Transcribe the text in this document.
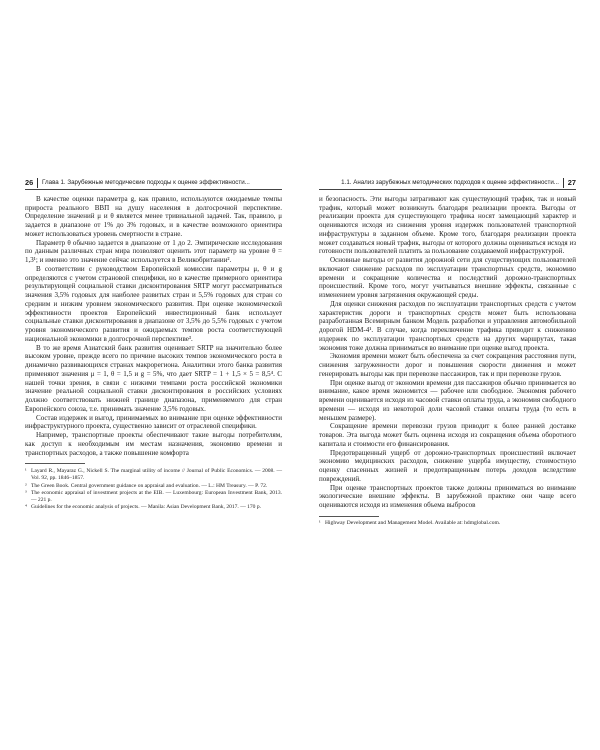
26 Глава 1. Зарубежные методические подходы к оценке эффективности...

В качестве оценки параметра g, как правило, используются ожидаемые темпы прироста реального ВВП на душу населения в долгосрочной перспективе. Определение значений μ и θ является менее тривиальной задачей. Так, правило, μ задается в диапазоне от 1% до 3% годовых, и в качестве возможного ориентира может использоваться уровень смертности в стране.

Параметр θ обычно задается в диапазоне от 1 до 2. Эмпирические исследования по данным различных стран мира позволяют оценить этот параметр на уровне θ = 1,3¹; и именно это значение сейчас используется в Великобритании².

В соответствии с руководством Европейской комиссии параметры μ, θ и g определяются с учетом страновой специфики, но в качестве примерного ориентира результирующей социальной ставки дисконтирования SRTP могут рассматриваться значения 3,5% годовых для наиболее развитых стран и 5,5% годовых для стран со средним и низким уровнем экономического развития. При оценке экономической эффективности проектов Европейский инвестиционный банк использует социальные ставки дисконтирования в диапазоне от 3,5% до 5,5% годовых с учетом уровня экономического развития и ожидаемых темпов роста соответствующей национальной экономики в долгосрочной перспективе³.

В то же время Азиатский банк развития оценивает SRTP на значительно более высоком уровне, прежде всего по причине высоких темпов экономического роста в динамично развивающихся странах макрорегиона. Аналитики этого банка развития применяют значения μ = 1, θ = 1,5 и g = 5%, что дает SRTP = 1 + 1,5 × 5 = 8,5⁴. С нашей точки зрения, в связи с низкими темпами роста российской экономики значение реальной социальной ставки дисконтирования в российских условиях должно соответствовать нижней границе диапазона, применяемого для стран Европейского союза, т.е. принимать значение 3,5% годовых.

Состав издержек и выгод, принимаемых во внимание при оценке эффективности инфраструктурного проекта, существенно зависит от отраслевой специфики.

Например, транспортные проекты обеспечивают такие выгоды потребителям, как доступ к необходимым им местам назначения, экономию времени и транспортных расходов, а также повышение комфорта

¹ Layard R., Mayaraz G., Nickell S. The marginal utility of income // Journal of Public Economics. — 2008. — Vol. 92, pp. 1846–1857.

² The Green Book. Central government guidance on appraisal and evaluation. — L.: HM Treasury. — P. 72.

³ The economic appraisal of investment projects at the EIB. — Luxembourg: European Investment Bank, 2013. — 221 p.

⁴ Guidelines for the economic analysis of projects. — Manila: Asian Development Bank, 2017. — 170 p.

1.1. Анализ зарубежных методических подходов к оценке эффективности... 27

и безопасность. Эти выгоды затрагивают как существующий трафик, так и новый трафик, который может возникнуть благодаря реализации проекта. Выгоды от реализации проекта для существующего трафика носят замещающий характер и оцениваются исходя из снижения уровня издержек пользователей транспортной инфраструктуры в заданном объеме. Кроме того, благодаря реализации проекта может создаваться новый трафик, выгоды от которого должны оцениваться исходя из готовности пользователей платить за пользование создаваемой инфраструктурой.

Основные выгоды от развития дорожной сети для существующих пользователей включают снижение расходов по эксплуатации транспортных средств, экономию времени и сокращение количества и последствий дорожно-транспортных происшествий. Кроме того, могут учитываться внешние эффекты, связанные с изменением уровня загрязнения окружающей среды.

Для оценки снижения расходов по эксплуатации транспортных средств с учетом характеристик дороги и транспортных средств может быть использована разработанная Всемирным банком Модель разработки и управления автомобильной дорогой HDM-4¹. В случае, когда переключение трафика приводит к снижению издержек по эксплуатации транспортных средств на других маршрутах, такая экономия тоже должна приниматься во внимание при оценке выгод проекта.

Экономия времени может быть обеспечена за счет сокращения расстояния пути, снижения загруженности дорог и повышения скорости движения и может генерировать выгоды как при перевозке пассажиров, так и при перевозке грузов.

При оценке выгод от экономии времени для пассажиров обычно принимается во внимание, какое время экономится — рабочее или свободное. Экономия рабочего времени оценивается исходя из часовой ставки оплаты труда, а экономия свободного времени — исходя из некоторой доли часовой ставки оплаты труда (то есть в меньшем размере).

Сокращение времени перевозки грузов приводит к более ранней доставке товаров. Эта выгода может быть оценена исходя из сокращения объема оборотного капитала и стоимости его финансирования.

Предотвращенный ущерб от дорожно-транспортных происшествий включает экономию медицинских расходов, снижение ущерба имуществу, стоимостную оценку спасенных жизней и предотвращенным потерь доходов вследствие повреждений.

При оценке транспортных проектов также должны приниматься во внимание экологические внешние эффекты. В зарубежной практике они чаще всего оцениваются исходя из изменения объема выбросов

¹ Highway Development and Management Model. Available at: hdmglobal.com.
